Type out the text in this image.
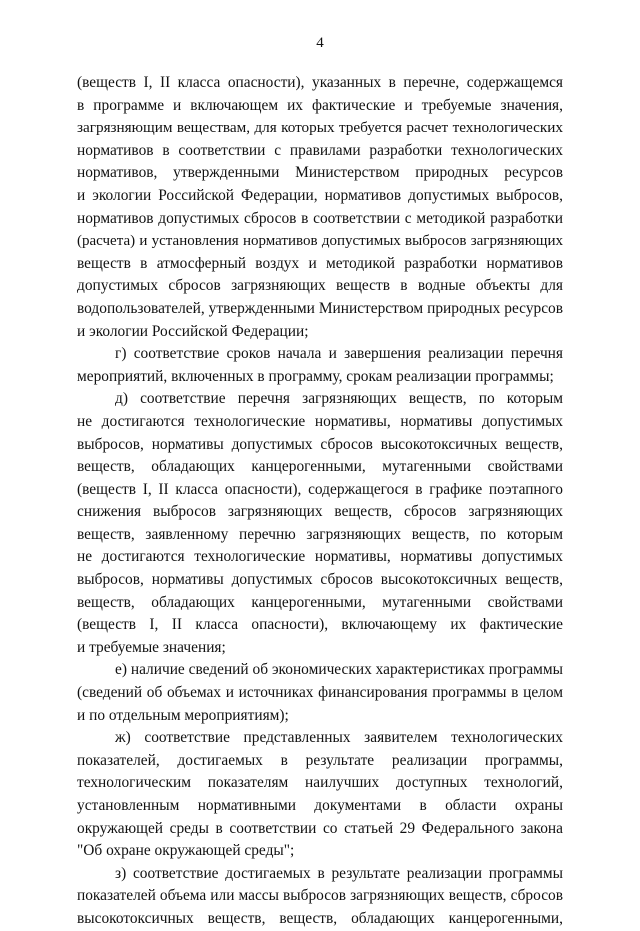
4
(веществ I, II класса опасности), указанных в перечне, содержащемся
в программе и включающем их фактические и требуемые значения,
загрязняющим веществам, для которых требуется расчет технологических
нормативов в соответствии с правилами разработки технологических
нормативов, утвержденными Министерством природных ресурсов
и экологии Российской Федерации, нормативов допустимых выбросов,
нормативов допустимых сбросов в соответствии с методикой разработки
(расчета) и установления нормативов допустимых выбросов загрязняющих
веществ в атмосферный воздух и методикой разработки нормативов
допустимых сбросов загрязняющих веществ в водные объекты для
водопользователей, утвержденными Министерством природных ресурсов
и экологии Российской Федерации;
г) соответствие сроков начала и завершения реализации перечня
мероприятий, включенных в программу, срокам реализации программы;
д) соответствие перечня загрязняющих веществ, по которым
не достигаются технологические нормативы, нормативы допустимых
выбросов, нормативы допустимых сбросов высокотоксичных веществ,
веществ, обладающих канцерогенными, мутагенными свойствами
(веществ I, II класса опасности), содержащегося в графике поэтапного
снижения выбросов загрязняющих веществ, сбросов загрязняющих
веществ, заявленному перечню загрязняющих веществ, по которым
не достигаются технологические нормативы, нормативы допустимых
выбросов, нормативы допустимых сбросов высокотоксичных веществ,
веществ, обладающих канцерогенными, мутагенными свойствами
(веществ I, II класса опасности), включающему их фактические
и требуемые значения;
е) наличие сведений об экономических характеристиках программы
(сведений об объемах и источниках финансирования программы в целом
и по отдельным мероприятиям);
ж) соответствие представленных заявителем технологических
показателей, достигаемых в результате реализации программы,
технологическим показателям наилучших доступных технологий,
установленным нормативными документами в области охраны
окружающей среды в соответствии со статьей 29 Федерального закона
"Об охране окружающей среды";
з) соответствие достигаемых в результате реализации программы
показателей объема или массы выбросов загрязняющих веществ, сбросов
высокотоксичных веществ, веществ, обладающих канцерогенными,
